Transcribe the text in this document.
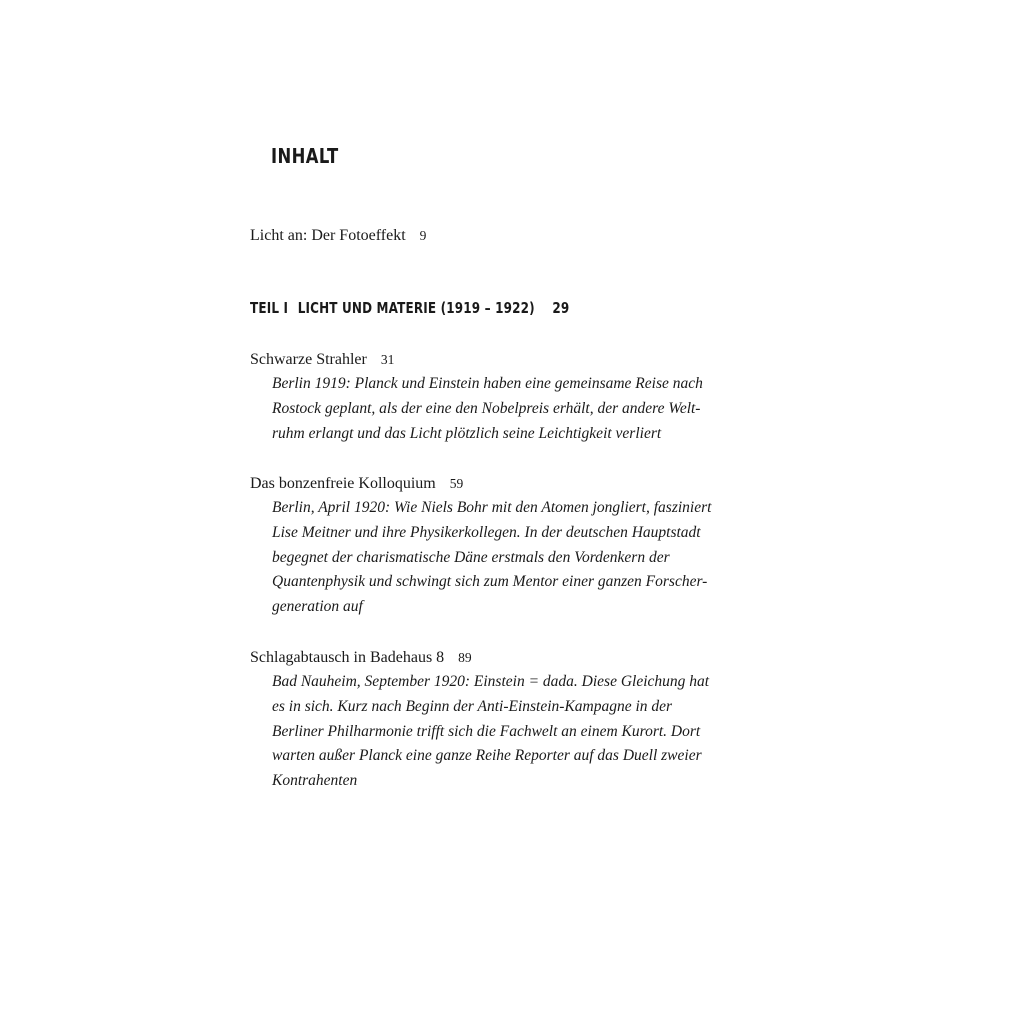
INHALT
Licht an: Der Fotoeffekt 9
TEIL I LICHT UND MATERIE (1919 – 1922) 29
Schwarze Strahler 31
Berlin 1919: Planck und Einstein haben eine gemeinsame Reise nach
Rostock geplant, als der eine den Nobelpreis erhält, der andere Welt-
ruhm erlangt und das Licht plötzlich seine Leichtigkeit verliert
Das bonzenfreie Kolloquium 59
Berlin, April 1920: Wie Niels Bohr mit den Atomen jongliert, fasziniert
Lise Meitner und ihre Physikerkollegen. In der deutschen Hauptstadt
begegnet der charismatische Däne erstmals den Vordenkern der
Quantenphysik und schwingt sich zum Mentor einer ganzen Forscher-
generation auf
Schlagabtausch in Badehaus 8 89
Bad Nauheim, September 1920: Einstein = dada. Diese Gleichung hat
es in sich. Kurz nach Beginn der Anti-Einstein-Kampagne in der
Berliner Philharmonie trifft sich die Fachwelt an einem Kurort. Dort
warten außer Planck eine ganze Reihe Reporter auf das Duell zweier
Kontrahenten
